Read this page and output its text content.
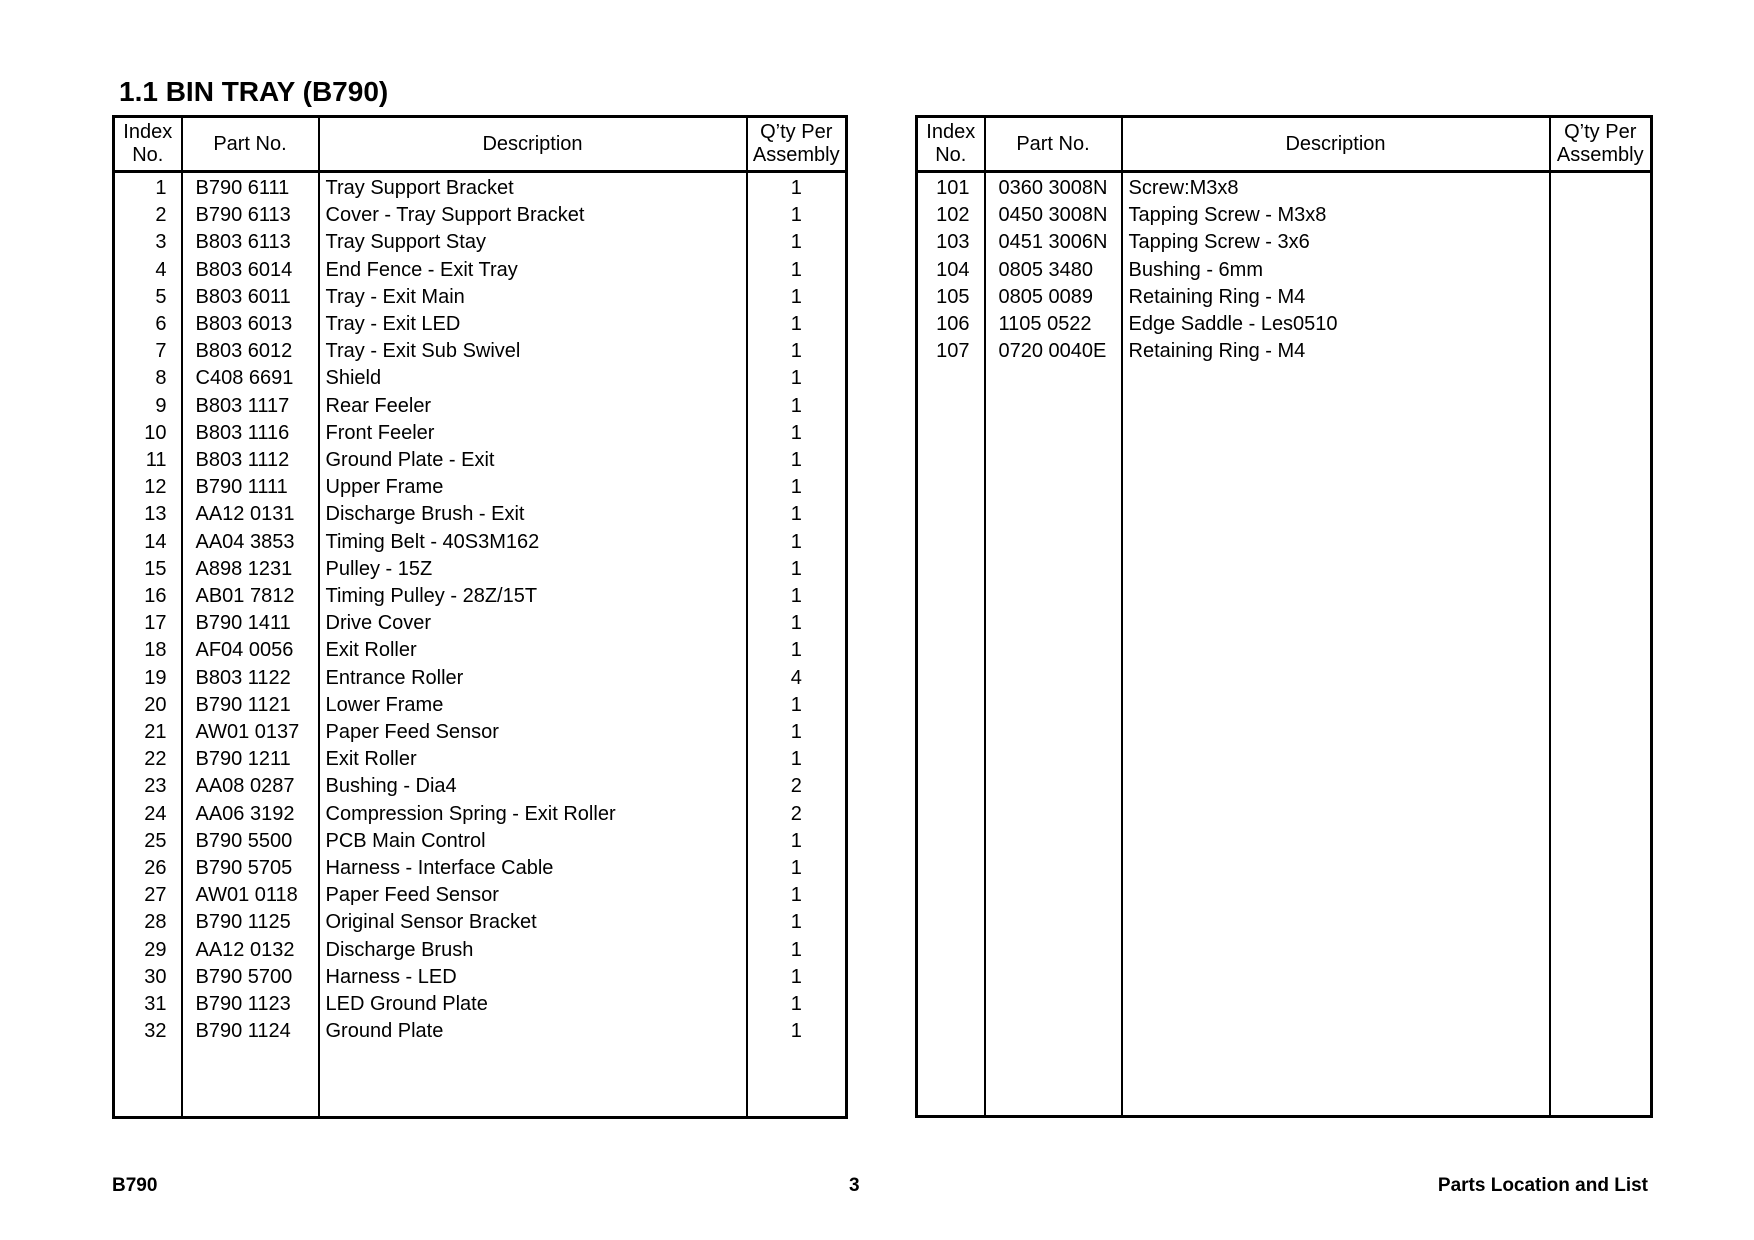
1.1 BIN TRAY (B790)
Index No.	Part No.	Description	Q’ty Per Assembly
1	B790 6111	Tray Support Bracket	1
2	B790 6113	Cover - Tray Support Bracket	1
3	B803 6113	Tray Support Stay	1
4	B803 6014	End Fence - Exit Tray	1
5	B803 6011	Tray - Exit Main	1
6	B803 6013	Tray - Exit LED	1
7	B803 6012	Tray - Exit Sub Swivel	1
8	C408 6691	Shield	1
9	B803 1117	Rear Feeler	1
10	B803 1116	Front Feeler	1
11	B803 1112	Ground Plate - Exit	1
12	B790 1111	Upper Frame	1
13	AA12 0131	Discharge Brush - Exit	1
14	AA04 3853	Timing Belt - 40S3M162	1
15	A898 1231	Pulley - 15Z	1
16	AB01 7812	Timing Pulley - 28Z/15T	1
17	B790 1411	Drive Cover	1
18	AF04 0056	Exit Roller	1
19	B803 1122	Entrance Roller	4
20	B790 1121	Lower Frame	1
21	AW01 0137	Paper Feed Sensor	1
22	B790 1211	Exit Roller	1
23	AA08 0287	Bushing - Dia4	2
24	AA06 3192	Compression Spring - Exit Roller	2
25	B790 5500	PCB Main Control	1
26	B790 5705	Harness - Interface Cable	1
27	AW01 0118	Paper Feed Sensor	1
28	B790 1125	Original Sensor Bracket	1
29	AA12 0132	Discharge Brush	1
30	B790 5700	Harness - LED	1
31	B790 1123	LED Ground Plate	1
32	B790 1124	Ground Plate	1

Index No.	Part No.	Description	Q’ty Per Assembly
101	0360 3008N	Screw:M3x8	
102	0450 3008N	Tapping Screw - M3x8	
103	0451 3006N	Tapping Screw - 3x6	
104	0805 3480	Bushing - 6mm	
105	0805 0089	Retaining Ring - M4	
106	1105 0522	Edge Saddle - Les0510	
107	0720 0040E	Retaining Ring - M4	

B790	3	Parts Location and List
